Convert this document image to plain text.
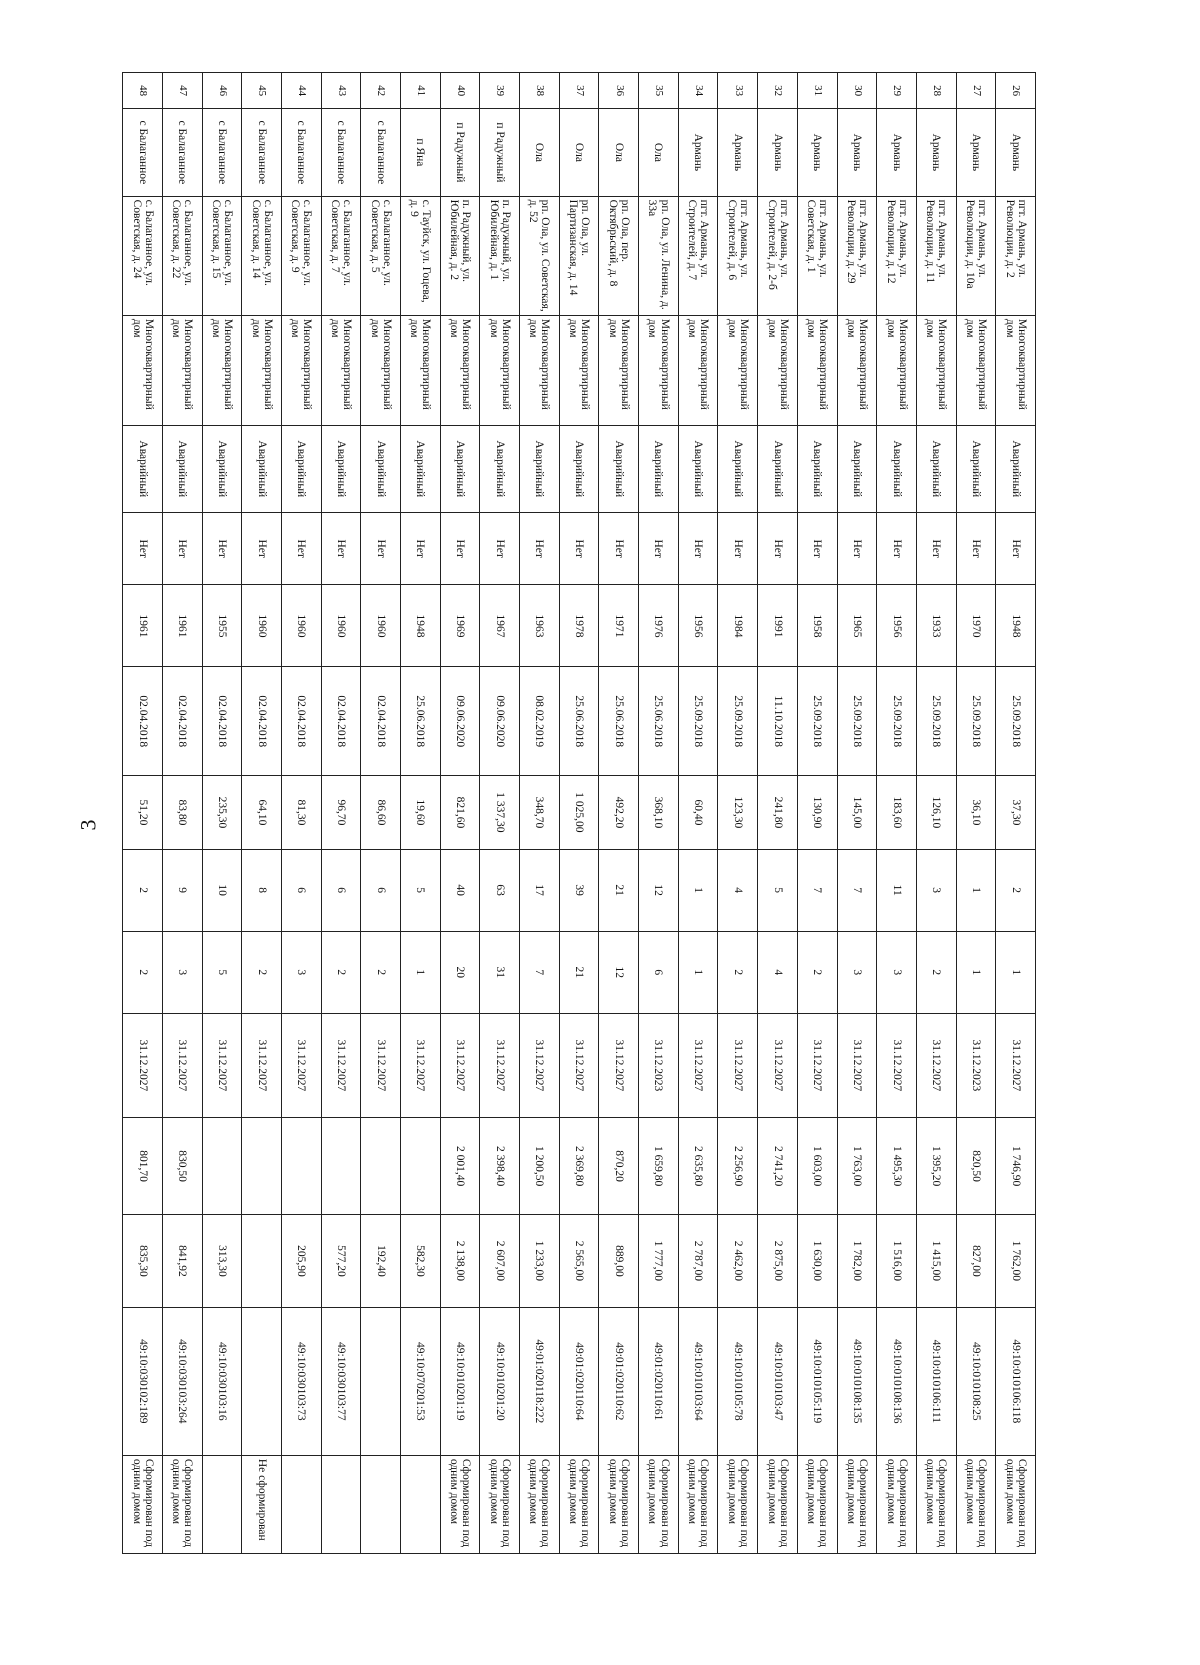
3
26	Армань	пгт. Армань, ул. Революции, д. 2	Многоквартирный дом	Аварийный	Нет	1948	25.09.2018	37,30	2	1	31.12.2027	1 746,90	1 762,00	49:10:010106:118	Сформирован под одним домом
27	Армань	пгт. Армань, ул. Революции, д. 10а	Многоквартирный дом	Аварийный	Нет	1970	25.09.2018	36,10	1	1	31.12.2023	820,50	827,00	49:10:010108:25	Сформирован под одним домом
28	Армань	пгт. Армань, ул. Революции, д. 11	Многоквартирный дом	Аварийный	Нет	1933	25.09.2018	126,10	3	2	31.12.2027	1 395,20	1 415,00	49:10:010106:111	Сформирован под одним домом
29	Армань	пгт. Армань, ул. Революции, д. 12	Многоквартирный дом	Аварийный	Нет	1956	25.09.2018	183,60	11	3	31.12.2027	1 495,30	1 516,00	49:10:010108:136	Сформирован под одним домом
30	Армань	пгт. Армань, ул. Революции, д. 29	Многоквартирный дом	Аварийный	Нет	1965	25.09.2018	145,00	7	3	31.12.2027	1 763,00	1 782,00	49:10:010108:135	Сформирован под одним домом
31	Армань	пгт. Армань, ул. Советская, д. 1	Многоквартирный дом	Аварийный	Нет	1958	25.09.2018	130,90	7	2	31.12.2027	1 603,00	1 630,00	49:10:010105:119	Сформирован под одним домом
32	Армань	пгт. Армань, ул. Строителей, д. 2-б	Многоквартирный дом	Аварийный	Нет	1991	11.10.2018	241,80	5	4	31.12.2027	2 741,20	2 875,00	49:10:010103:47	Сформирован под одним домом
33	Армань	пгт. Армань, ул. Строителей, д. 6	Многоквартирный дом	Аварийный	Нет	1984	25.09.2018	123,30	4	2	31.12.2027	2 256,90	2 462,00	49:10:010105:78	Сформирован под одним домом
34	Армань	пгт. Армань, ул. Строителей, д. 7	Многоквартирный дом	Аварийный	Нет	1956	25.09.2018	60,40	1	1	31.12.2027	2 635,80	2 787,00	49:10:010103:64	Сформирован под одним домом
35	Ола	рп. Ола, ул. Ленина, д. 33а	Многоквартирный дом	Аварийный	Нет	1976	25.06.2018	368,10	12	6	31.12.2023	1 659,80	1 777,00	49:01:020110:61	Сформирован под одним домом
36	Ола	рп. Ола, пер. Октябрьский, д. 8	Многоквартирный дом	Аварийный	Нет	1971	25.06.2018	492,20	21	12	31.12.2027	870,20	889,00	49:01:020110:62	Сформирован под одним домом
37	Ола	рп. Ола, ул. Партизанская, д. 14	Многоквартирный дом	Аварийный	Нет	1978	25.06.2018	1 025,00	39	21	31.12.2027	2 369,80	2 565,00	49:01:020110:64	Сформирован под одним домом
38	Ола	рп. Ола, ул. Советская, д. 52	Многоквартирный дом	Аварийный	Нет	1963	08.02.2019	348,70	17	7	31.12.2027	1 200,50	1 233,00	49:01:020118:222	Сформирован под одним домом
39	п Радужный	п. Радужный, ул. Юбилейная, д. 1	Многоквартирный дом	Аварийный	Нет	1967	09.06.2020	1 337,30	63	31	31.12.2027	2 398,40	2 607,00	49:10:010201:20	Сформирован под одним домом
40	п Радужный	п. Радужный, ул. Юбилейная, д. 2	Многоквартирный дом	Аварийный	Нет	1969	09.06.2020	821,60	40	20	31.12.2027	2 001,40	2 138,00	49:10:010201:19	Сформирован под одним домом
41	п Яна	с. Тауйск, ул. Гоцева, д. 9	Многоквартирный дом	Аварийный	Нет	1948	25.06.2018	19,60	5	1	31.12.2027		582,30	49:10:070201:53	
42	с Балаганное	с. Балаганное, ул. Советская, д. 5	Многоквартирный дом	Аварийный	Нет	1960	02.04.2018	86,60	6	2	31.12.2027		192,40		
43	с Балаганное	с. Балаганное, ул. Советская, д. 7	Многоквартирный дом	Аварийный	Нет	1960	02.04.2018	96,70	6	2	31.12.2027		577,20	49:10:030103:77	
44	с Балаганное	с. Балаганное, ул. Советская, д. 9	Многоквартирный дом	Аварийный	Нет	1960	02.04.2018	81,30	6	3	31.12.2027		205,90	49:10:030103:73	
45	с Балаганное	с. Балаганное, ул. Советская, д. 14	Многоквартирный дом	Аварийный	Нет	1960	02.04.2018	64,10	8	2	31.12.2027				Не сформирован
46	с Балаганное	с. Балаганное, ул. Советская, д. 15	Многоквартирный дом	Аварийный	Нет	1955	02.04.2018	235,30	10	5	31.12.2027		313,30	49:10:030103:16	
47	с Балаганное	с. Балаганное, ул. Советская, д. 22	Многоквартирный дом	Аварийный	Нет	1961	02.04.2018	83,80	9	3	31.12.2027	830,50	841,92	49:10:030103:264	Сформирован под одним домом
48	с Балаганное	с. Балаганное, ул. Советская, д. 24	Многоквартирный дом	Аварийный	Нет	1961	02.04.2018	51,20	2	2	31.12.2027	801,70	835,30	49:10:030102:189	Сформирован под одним домом
